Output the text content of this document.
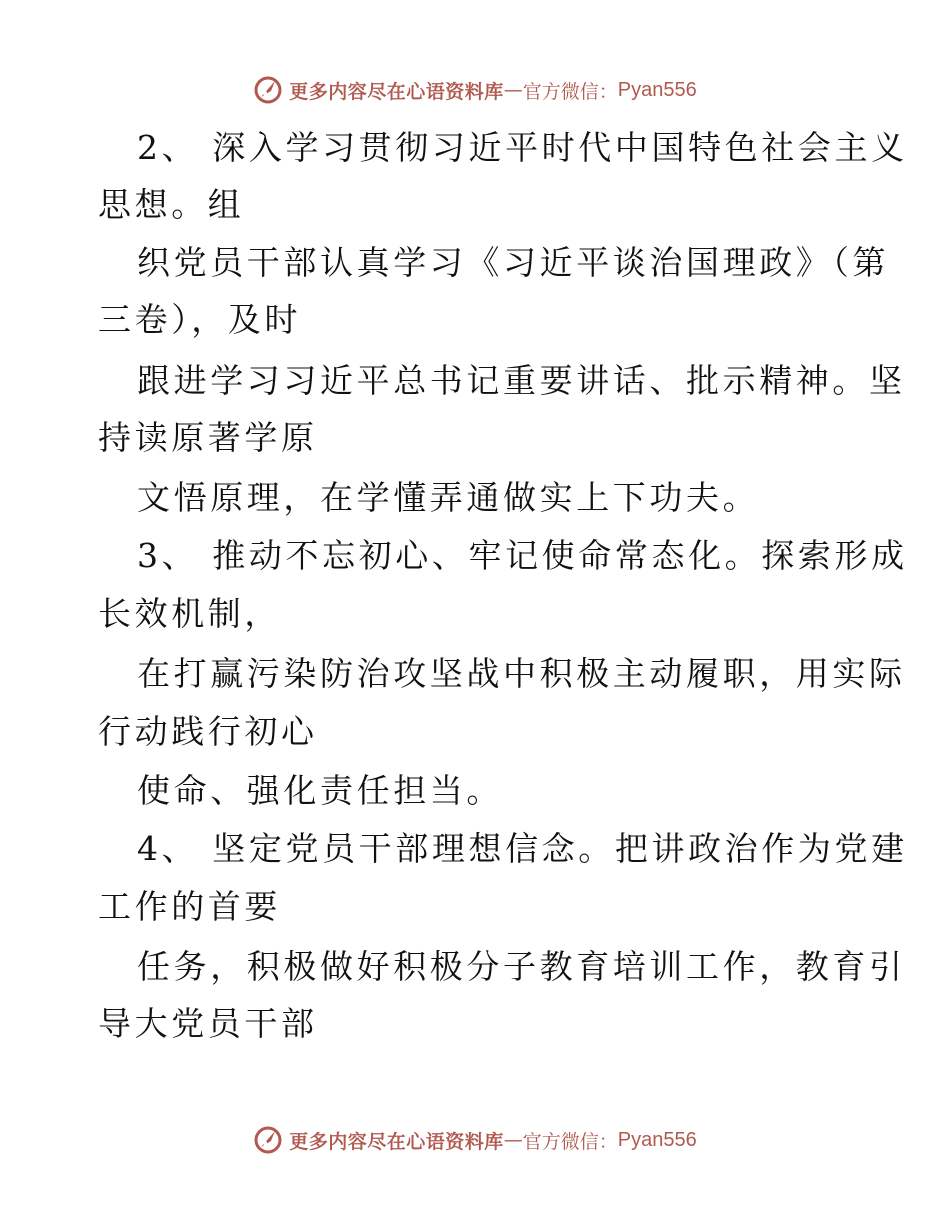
更多内容尽在心语资料库 — 官方微信： Pyan556
2、 深入学习贯彻习近平时代中国特色社会主义
思想。组
织党员干部认真学习《习近平谈治国理政》（第
三卷），及时
跟进学习习近平总书记重要讲话、批示精神。坚
持读原著学原
文悟原理，在学懂弄通做实上下功夫。
3、 推动不忘初心、牢记使命常态化。探索形成
长效机制，
在打赢污染防治攻坚战中积极主动履职，用实际
行动践行初心
使命、强化责任担当。
4、 坚定党员干部理想信念。把讲政治作为党建
工作的首要
任务，积极做好积极分子教育培训工作，教育引
导大党员干部
更多内容尽在心语资料库 — 官方微信： Pyan556
